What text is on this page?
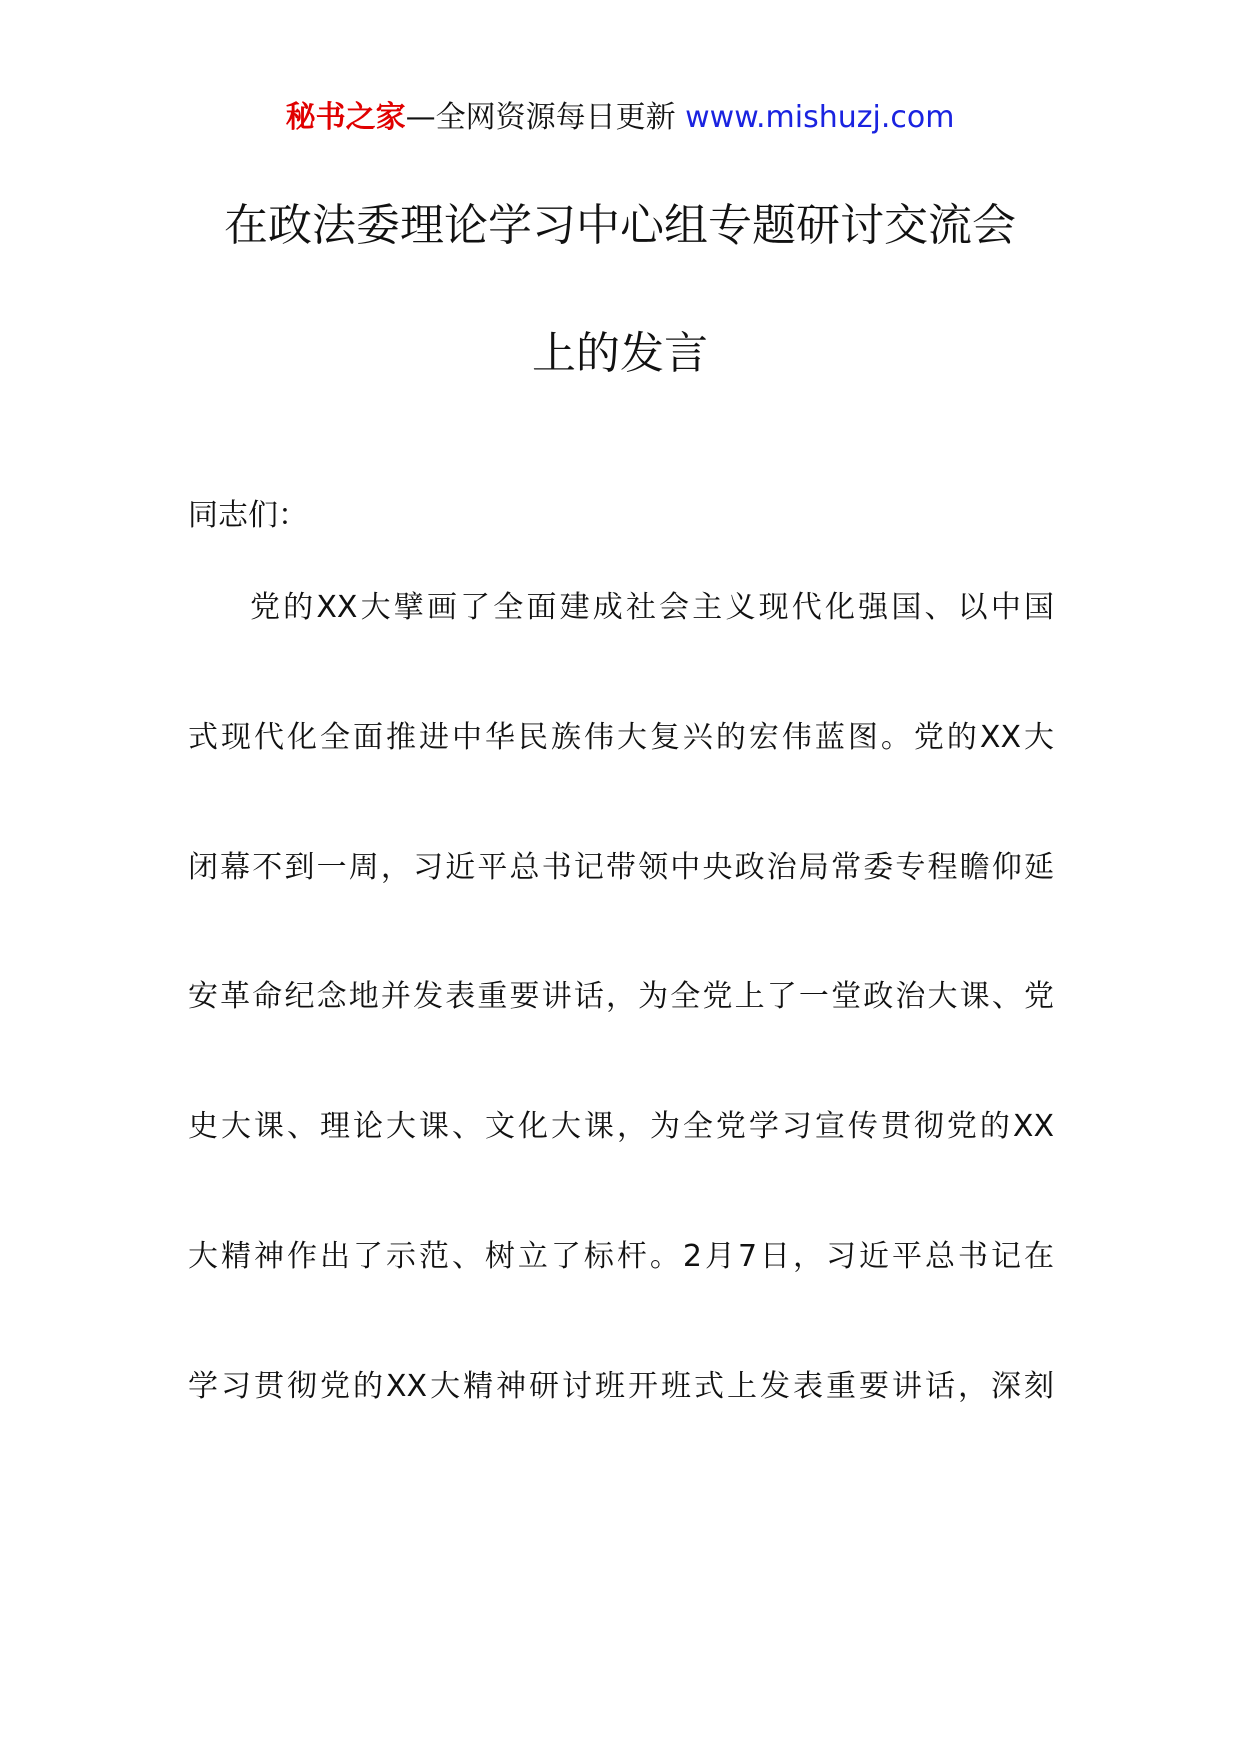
秘书之家—全网资源每日更新 www.mishuzj.com
在政法委理论学习中心组专题研讨交流会
上的发言
同志们：
党的XX大擘画了全面建成社会主义现代化强国、以中国
式现代化全面推进中华民族伟大复兴的宏伟蓝图。党的XX大
闭幕不到一周，习近平总书记带领中央政治局常委专程瞻仰延
安革命纪念地并发表重要讲话，为全党上了一堂政治大课、党
史大课、理论大课、文化大课，为全党学习宣传贯彻党的XX
大精神作出了示范、树立了标杆。2月7日，习近平总书记在
学习贯彻党的XX大精神研讨班开班式上发表重要讲话，深刻
